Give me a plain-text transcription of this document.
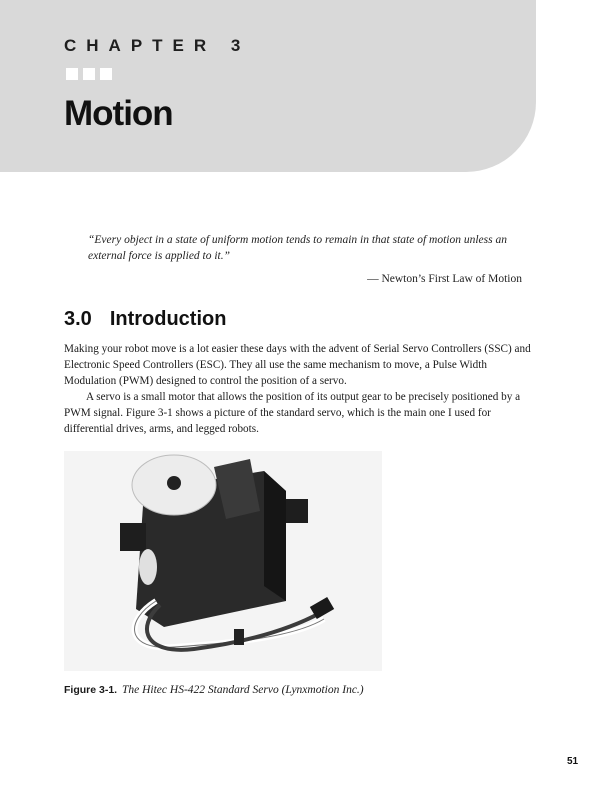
CHAPTER 3
Motion
“Every object in a state of uniform motion tends to remain in that state of motion unless an external force is applied to it.”
— Newton’s First Law of Motion
3.0 Introduction

Making your robot move is a lot easier these days with the advent of Serial Servo Controllers (SSC) and Electronic Speed Controllers (ESC). They all use the same mechanism to move, a Pulse Width Modulation (PWM) designed to control the position of a servo.

A servo is a small motor that allows the position of its output gear to be precisely positioned by a PWM signal. Figure 3-1 shows a picture of the standard servo, which is the main one I used for differential drives, arms, and legged robots.

Figure 3-1. The Hitec HS-422 Standard Servo (Lynxmotion Inc.)
51
